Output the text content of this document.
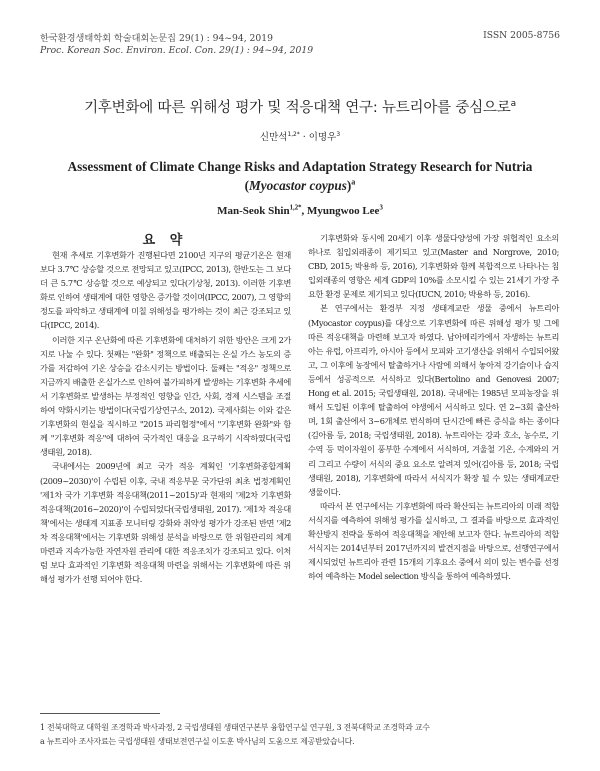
한국환경생태학회 학술대회논문집 29(1) : 94~94, 2019
Proc. Korean Soc. Environ. Ecol. Con. 29(1) : 94~94, 2019
ISSN 2005-8756
기후변화에 따른 위해성 평가 및 적응대책 연구: 뉴트리아를 중심으로$^a$
신만석$^{1,2*}$ · 이명우$^3$
Assessment of Climate Change Risks and Adaptation Strategy Research for Nutria (Myocastor coypus)$^a$
Man-Seok Shin$^{1,2*}$, Myungwoo Lee$^3$
요 약

현재 추세로 기후변화가 진행된다면 2100년 지구의 평균기온은 현재보다 3.7℃ 상승할 것으로 전망되고 있고(IPCC, 2013), 한반도는 그 보다 더 큰 5.7℃ 상승할 것으로 예상되고 있다(기상청, 2013). 이러한 기후변화로 인하여 생태계에 대한 영향은 증가할 것이며(IPCC, 2007), 그 영향의 정도를 파악하고 생태계에 미칠 위해성을 평가하는 것이 최근 강조되고 있다(IPCC, 2014).

이러한 지구 온난화에 따른 기후변화에 대처하기 위한 방안은 크게 2가지로 나눌 수 있다. 첫째는 "완화" 정책으로 배출되는 온실 가스 농도의 증가를 저감하여 기온 상승을 감소시키는 방법이다. 둘째는 "적응" 정책으로 지금까지 배출한 온실가스로 인하여 불가피하게 발생하는 기후변화 추세에서 기후변화로 발생하는 부정적인 영향을 인간, 사회, 경제 시스템을 조절하여 약화시키는 방법이다(국립기상연구소, 2012). 국제사회는 이와 같은 기후변화의 현실을 직시하고 "2015 파리협정"에서 "기후변화 완화"와 함께 "기후변화 적응"에 대하여 국가적인 대응을 요구하기 시작하였다(국립생태원, 2018).

국내에서는 2009년에 최고 국가 적응 계획인 '기후변화종합계획(2009~2030)'이 수립된 이후, 국내 적응부문 국가단위 최초 법정계획인 '제1차 국가 기후변화 적응대책(2011~2015)'과 현재의 '제2차 기후변화 적응대책(2016~2020)'이 수립되었다(국립생태원, 2017). '제1차 적응대책'에서는 생태계 지표종 모니터링 강화와 취약성 평가가 강조된 반면 '제2차 적응대책'에서는 기후변화 위해성 분석을 바탕으로 한 위험관리의 체계마련과 지속가능한 자연자원 관리에 대한 적응조치가 강조되고 있다. 이처럼 보다 효과적인 기후변화 적응대책 마련을 위해서는 기후변화에 따른 위해성 평가가 선행 되어야 한다.

기후변화와 동시에 20세기 이후 생물다양성에 가장 위협적인 요소의 하나로 침입외래종이 제기되고 있고(Master and Norgrove, 2010; CBD, 2015; 박용하 등, 2016), 기후변화와 함께 복합적으로 나타나는 침입외래종의 영향은 세계 GDP의 10%를 소모시킬 수 있는 21세기 가장 주요한 환경 문제로 제기되고 있다(IUCN, 2010; 박용하 등, 2016).

본 연구에서는 환경부 지정 생태계교란 생물 중에서 뉴트리아(Myocastor coypus)를 대상으로 기후변화에 따른 위해성 평가 및 그에 따른 적응대책을 마련해 보고자 하였다. 남아메리카에서 자생하는 뉴트리아는 유럽, 아프리카, 아시아 등에서 모피와 고기생산을 위해서 수입되어왔고, 그 이후에 농장에서 탈출하거나 사람에 의해서 놓아져 강기슭이나 습지 등에서 성공적으로 서식하고 있다(Bertolino and Genovesi 2007; Hong et al. 2015; 국립생태원, 2018). 국내에는 1985년 모피농장을 위해서 도입된 이후에 탈출하여 야생에서 서식하고 있다. 연 2~3회 출산하며, 1회 출산에서 3~6개체로 번식하며 단시간에 빠른 증식을 하는 종이다(김아름 등, 2018; 국립생태원, 2018). 뉴트리아는 강과 호소, 농수로, 기수역 등 먹이자원이 풍부한 수계에서 서식하며, 겨울철 기온, 수계와의 거리 그리고 수량이 서식의 중요 요소로 알려져 있어(김아름 등, 2018; 국립생태원, 2018), 기후변화에 따라서 서식지가 확장 될 수 있는 생태계교란 생물이다.

따라서 본 연구에서는 기후변화에 따라 확산되는 뉴트리아의 미래 적합서식지를 예측하여 위해성 평가를 실시하고, 그 결과를 바탕으로 효과적인 확산방지 전략을 통하여 적응대책을 제안해 보고자 한다. 뉴트리아의 적합서식지는 2014년부터 2017년까지의 발견지점을 바탕으로, 선행연구에서 제시되었던 뉴트리아 관련 15개의 기후요소 중에서 의미 있는 변수를 선정하여 예측하는 Model selection 방식을 통하여 예측하였다.

1 전북대학교 대학원 조경학과 박사과정, 2 국립생태원 생태연구본부 융합연구실 연구원, 3 전북대학교 조경학과 교수
a 뉴트리아 조사자료는 국립생태원 생태보전연구실 이도훈 박사님의 도움으로 제공받았습니다.
